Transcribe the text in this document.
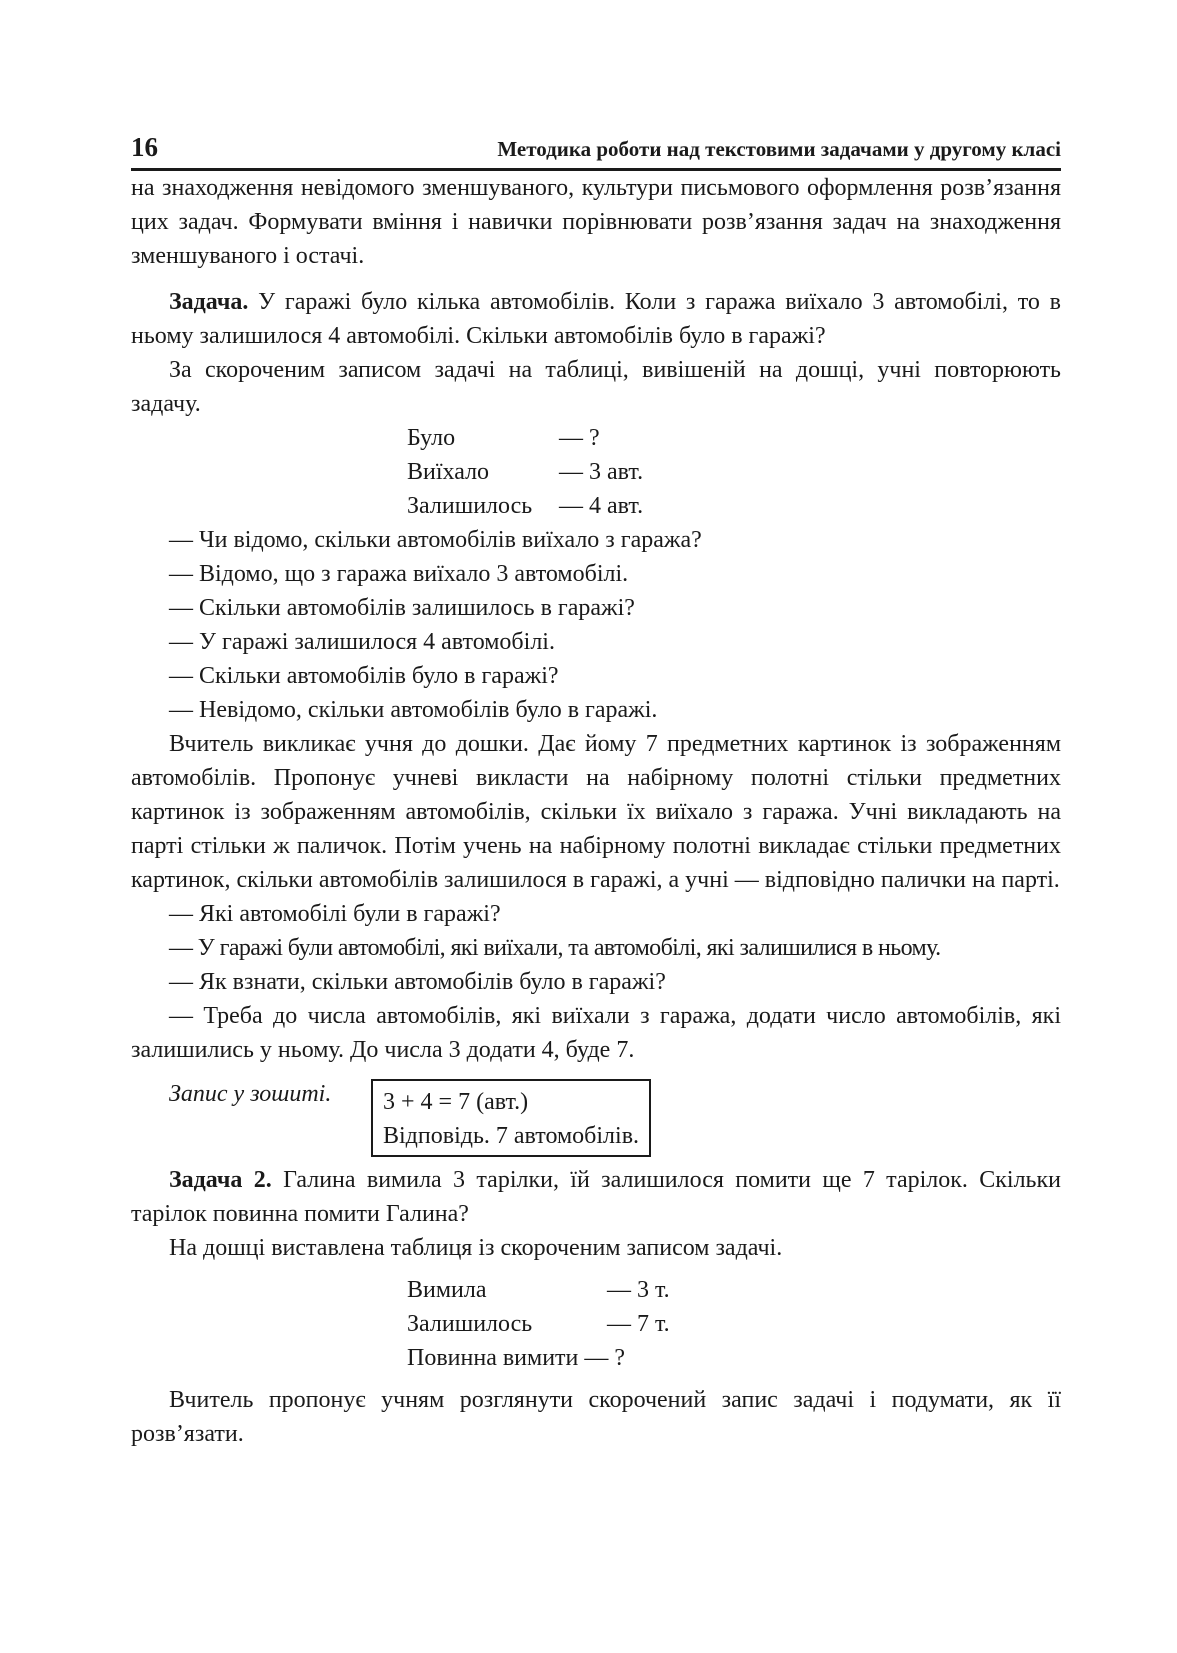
16	Методика роботи над текстовими задачами у другому класі

на знаходження невідомого зменшуваного, культури письмового оформлення розв’язання цих задач. Формувати вміння і навички порівнювати розв’язання задач на знаходження зменшуваного і остачі.

Задача. У гаражі було кілька автомобілів. Коли з гаража виїхало 3 автомобілі, то в ньому залишилося 4 автомобілі. Скільки автомобілів було в гаражі?

За скороченим записом задачі на таблиці, вивішеній на дошці, учні повторюють задачу.

Було	— ?
Виїхало	— 3 авт.
Залишилось	— 4 авт.

— Чи відомо, скільки автомобілів виїхало з гаража?

— Відомо, що з гаража виїхало 3 автомобілі.

— Скільки автомобілів залишилось в гаражі?

— У гаражі залишилося 4 автомобілі.

— Скільки автомобілів було в гаражі?

— Невідомо, скільки автомобілів було в гаражі.

Вчитель викликає учня до дошки. Дає йому 7 предметних картинок із зображенням автомобілів. Пропонує учневі викласти на набірному полотні стільки предметних картинок із зображенням автомобілів, скільки їх виїхало з гаража. Учні викладають на парті стільки ж паличок. Потім учень на набірному полотні викладає стільки предметних картинок, скільки автомобілів залишилося в гаражі, а учні — відповідно палички на парті.

— Які автомобілі були в гаражі?

— У гаражі були автомобілі, які виїхали, та автомобілі, які залишилися в ньому.

— Як взнати, скільки автомобілів було в гаражі?

— Треба до числа автомобілів, які виїхали з гаража, додати число автомобілів, які залишились у ньому. До числа 3 додати 4, буде 7.

Запис у зошиті.	3 + 4 = 7 (авт.)
Відповідь. 7 автомобілів.

Задача 2. Галина вимила 3 тарілки, їй залишилося помити ще 7 тарілок. Скільки тарілок повинна помити Галина?

На дошці виставлена таблиця із скороченим записом задачі.

Вимила	— 3 т.
Залишилось	— 7 т.
Повинна вимити — ?

Вчитель пропонує учням розглянути скорочений запис задачі і подумати, як її розв’язати.
